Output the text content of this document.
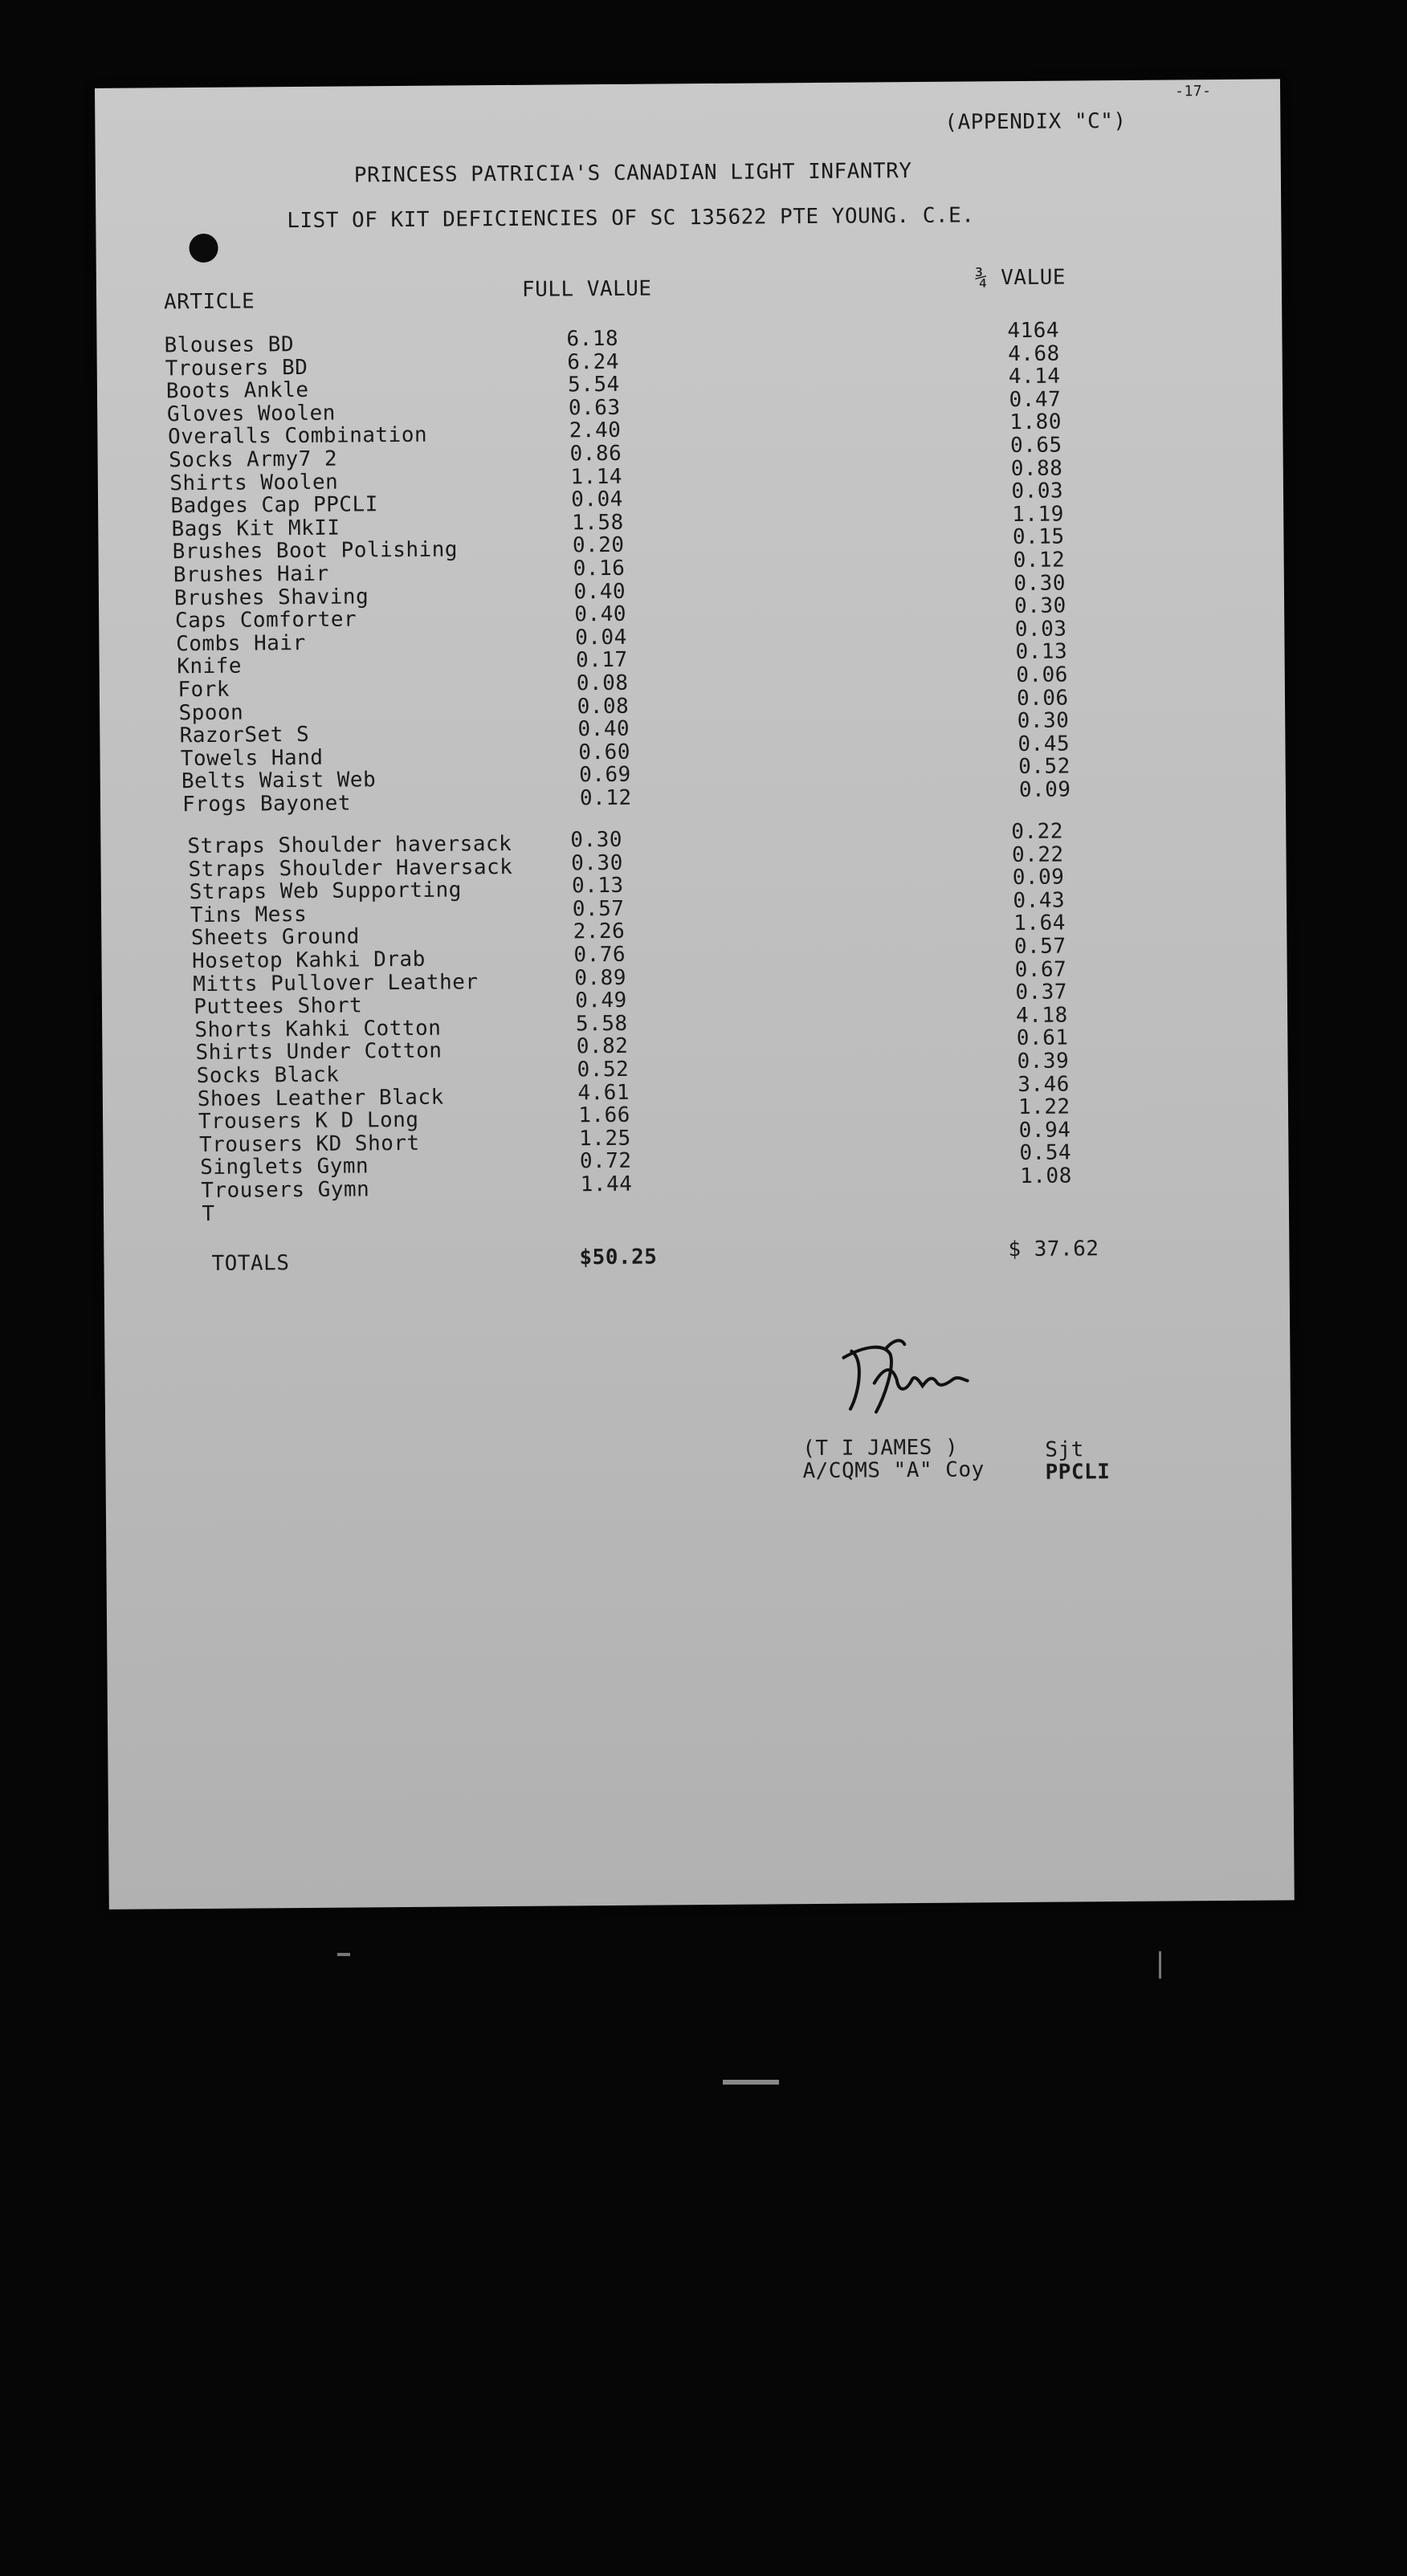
-17-
(APPENDIX "C")
PRINCESS PATRICIA'S CANADIAN LIGHT INFANTRY
LIST OF KIT DEFICIENCIES OF SC 135622 PTE YOUNG. C.E.
ARTICLE
FULL VALUE	¾ VALUE
Blouses BD	6.18	4164
Trousers BD	6.24	4.68
Boots Ankle	5.54	4.14
Gloves Woolen	0.63	0.47
Overalls Combination	2.40	1.80
Socks Army7 2	0.86	0.65
Shirts Woolen	1.14	0.88
Badges Cap PPCLI	0.04	0.03
Bags Kit MkII	1.58	1.19
Brushes Boot Polishing	0.20	0.15
Brushes Hair	0.16	0.12
Brushes Shaving	0.40	0.30
Caps Comforter	0.40	0.30
Combs Hair	0.04	0.03
Knife	0.17	0.13
Fork	0.08	0.06
Spoon	0.08	0.06
RazorSet S	0.40	0.30
Towels Hand	0.60	0.45
Belts Waist Web	0.69	0.52
Frogs Bayonet	0.12	0.09
Straps Shoulder haversack	0.30	0.22
Straps Shoulder Haversack	0.30	0.22
Straps Web Supporting	0.13	0.09
Tins Mess	0.57	0.43
Sheets Ground	2.26	1.64
Hosetop Kahki Drab	0.76	0.57
Mitts Pullover Leather	0.89	0.67
Puttees Short	0.49	0.37
Shorts Kahki Cotton	5.58	4.18
Shirts Under Cotton	0.82	0.61
Socks Black	0.52	0.39
Shoes Leather Black	4.61	3.46
Trousers K D Long	1.66	1.22
Trousers KD Short	1.25	0.94
Singlets Gymn	0.72	0.54
Trousers Gymn	1.44	1.08
T
TOTALS	$50.25	$ 37.62
(T I JAMES )
A/CQMS "A" Coy
Sjt
PPCLI
